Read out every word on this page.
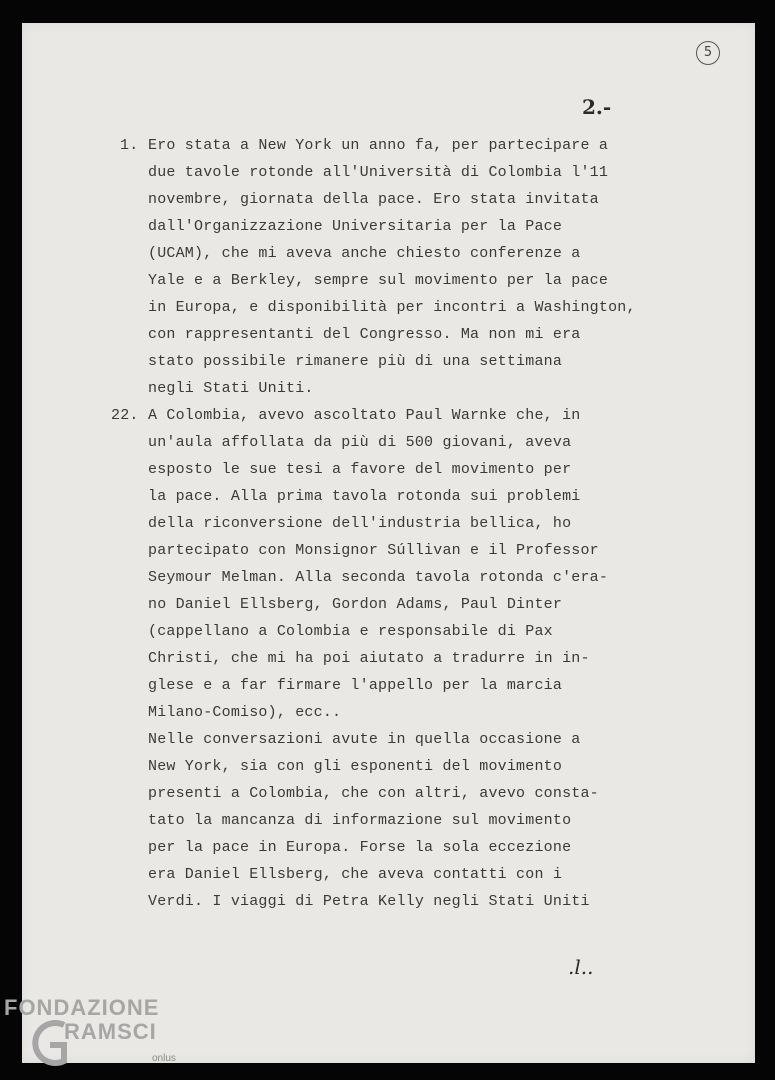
5
2.-
1. Ero stata a New York un anno fa, per partecipare a
due tavole rotonde all'Università di Colombia l'11
novembre, giornata della pace. Ero stata invitata
dall'Organizzazione Universitaria per la Pace
(UCAM), che mi aveva anche chiesto conferenze a
Yale e a Berkley, sempre sul movimento per la pace
in Europa, e disponibilità per incontri a Washington,
con rappresentanti del Congresso. Ma non mi era
stato possibile rimanere più di una settimana
negli Stati Uniti.
22. A Colombia, avevo ascoltato Paul Warnke che, in
un'aula affollata da più di 500 giovani, aveva
esposto le sue tesi a favore del movimento per
la pace. Alla prima tavola rotonda sui problemi
della riconversione dell'industria bellica, ho
partecipato con Monsignor Súllivan e il Professor
Seymour Melman. Alla seconda tavola rotonda c'era-
no Daniel Ellsberg, Gordon Adams, Paul Dinter
(cappellano a Colombia e responsabile di Pax
Christi, che mi ha poi aiutato a tradurre in in-
glese e a far firmare l'appello per la marcia
Milano-Comiso), ecc..
Nelle conversazioni avute in quella occasione a
New York, sia con gli esponenti del movimento
presenti a Colombia, che con altri, avevo consta-
tato la mancanza di informazione sul movimento
per la pace in Europa. Forse la sola eccezione
era Daniel Ellsberg, che aveva contatti con i
Verdi. I viaggi di Petra Kelly negli Stati Uniti
.l..
FONDAZIONE
RAMSCI
onlus
